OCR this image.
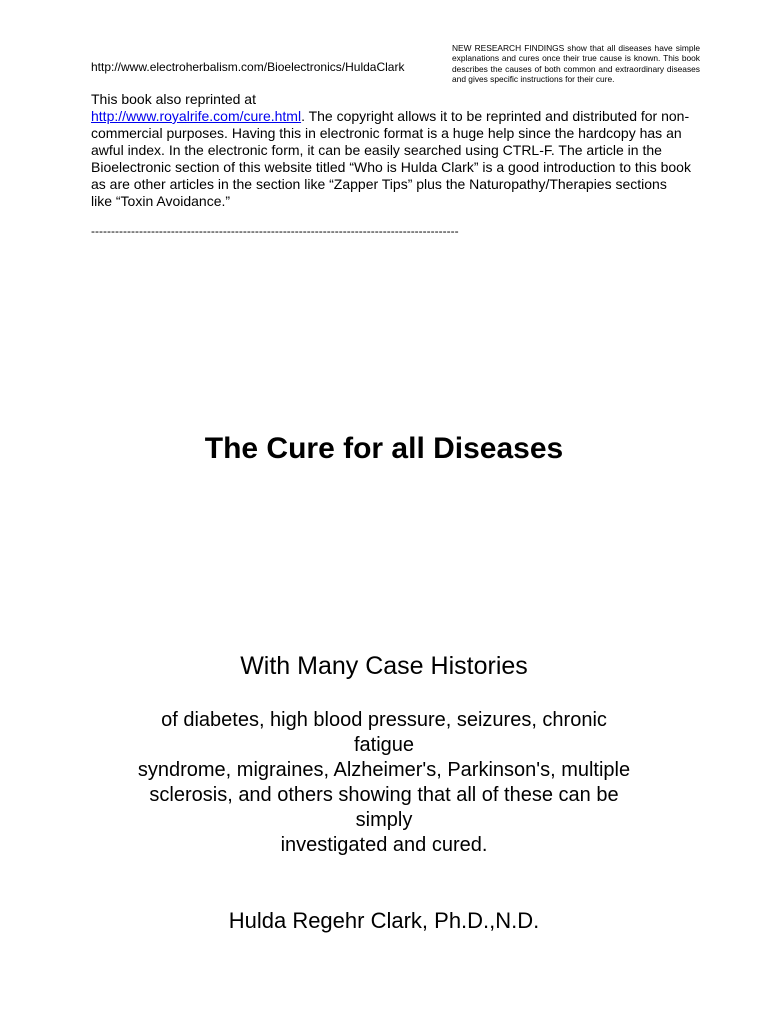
http://www.electroherbalism.com/Bioelectronics/HuldaClark
NEW RESEARCH FINDINGS show that all diseases have simple explanations and cures once their true cause is known. This book describes the causes of both common and extraordinary diseases and gives specific instructions for their cure.
This book also reprinted at
http://www.royalrife.com/cure.html. The copyright allows it to be reprinted and distributed for non-commercial purposes. Having this in electronic format is a huge help since the hardcopy has an awful index. In the electronic form, it can be easily searched using CTRL-F. The article in the Bioelectronic section of this website titled “Who is Hulda Clark” is a good introduction to this book as are other articles in the section like “Zapper Tips” plus the Naturopathy/Therapies sections like “Toxin Avoidance.”
--------------------------------------------------------------------------------------------
The Cure for all Diseases
With Many Case Histories
of diabetes, high blood pressure, seizures, chronic
fatigue
syndrome, migraines, Alzheimer's, Parkinson's, multiple
sclerosis, and others showing that all of these can be
simply
investigated and cured.
Hulda Regehr Clark, Ph.D.,N.D.
